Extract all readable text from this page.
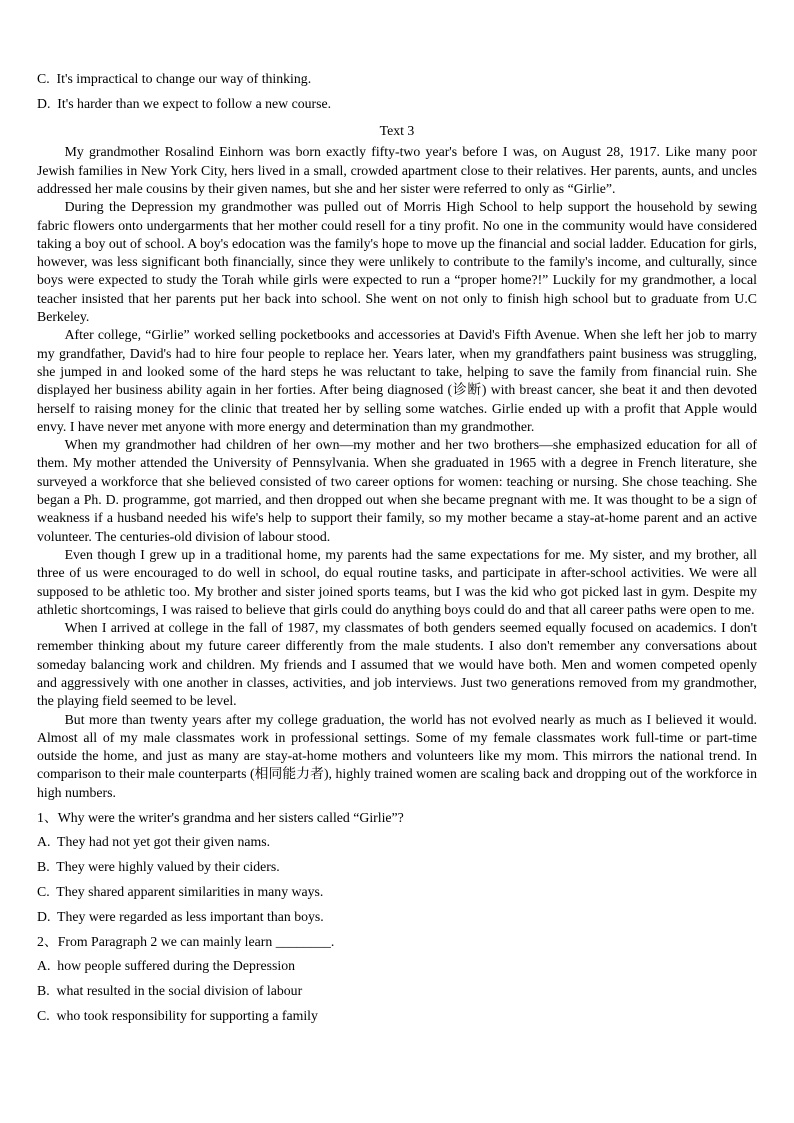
C.  It's impractical to change our way of thinking.
D.  It's harder than we expect to follow a new course.
Text 3

My grandmother Rosalind Einhorn was born exactly fifty-two year's before I was, on August 28, 1917. Like many poor Jewish families in New York City, hers lived in a small, crowded apartment close to their relatives. Her parents, aunts, and uncles addressed her male cousins by their given names, but she and her sister were referred to only as “Girlie”.

During the Depression my grandmother was pulled out of Morris High School to help support the household by sewing fabric flowers onto undergarments that her mother could resell for a tiny profit. No one in the community would have considered taking a boy out of school. A boy's edocation was the family's hope to move up the financial and social ladder. Education for girls, however, was less significant both financially, since they were unlikely to contribute to the family's income, and culturally, since boys were expected to study the Torah while girls were expected to run a “proper home?!” Luckily for my grandmother, a local teacher insisted that her parents put her back into school. She went on not only to finish high school but to graduate from U.C Berkeley.

After college, “Girlie” worked selling pocketbooks and accessories at David's Fifth Avenue. When she left her job to marry my grandfather, David's had to hire four people to replace her. Years later, when my grandfathers paint business was struggling, she jumped in and looked some of the hard steps he was reluctant to take, helping to save the family from financial ruin. She displayed her business ability again in her forties. After being diagnosed (诊断) with breast cancer, she beat it and then devoted herself to raising money for the clinic that treated her by selling some watches. Girlie ended up with a profit that Apple would envy. I have never met anyone with more energy and determination than my grandmother.

When my grandmother had children of her own—my mother and her two brothers—she emphasized education for all of them. My mother attended the University of Pennsylvania. When she graduated in 1965 with a degree in French literature, she surveyed a workforce that she believed consisted of two career options for women: teaching or nursing. She chose teaching. She began a Ph. D. programme, got married, and then dropped out when she became pregnant with me. It was thought to be a sign of weakness if a husband needed his wife's help to support their family, so my mother became a stay-at-home parent and an active volunteer. The centuries-old division of labour stood.

Even though I grew up in a traditional home, my parents had the same expectations for me. My sister, and my brother, all three of us were encouraged to do well in school, do equal routine tasks, and participate in after-school activities. We were all supposed to be athletic too. My brother and sister joined sports teams, but I was the kid who got picked last in gym. Despite my athletic shortcomings, I was raised to believe that girls could do anything boys could do and that all career paths were open to me.

When I arrived at college in the fall of 1987, my classmates of both genders seemed equally focused on academics. I don't remember thinking about my future career differently from the male students. I also don't remember any conversations about someday balancing work and children. My friends and I assumed that we would have both. Men and women competed openly and aggressively with one another in classes, activities, and job interviews. Just two generations removed from my grandmother, the playing field seemed to be level.

But more than twenty years after my college graduation, the world has not evolved nearly as much as I believed it would. Almost all of my male classmates work in professional settings. Some of my female classmates work full-time or part-time outside the home, and just as many are stay-at-home mothers and volunteers like my mom. This mirrors the national trend. In comparison to their male counterparts (相同能力者), highly trained women are scaling back and dropping out of the workforce in high numbers.

1、Why were the writer's grandma and her sisters called “Girlie”?
A.  They had not yet got their given nams.
B.  They were highly valued by their ciders.
C.  They shared apparent similarities in many ways.
D.  They were regarded as less important than boys.
2、From Paragraph 2 we can mainly learn ________.
A.  how people suffered during the Depression
B.  what resulted in the social division of labour
C.  who took responsibility for supporting a family
